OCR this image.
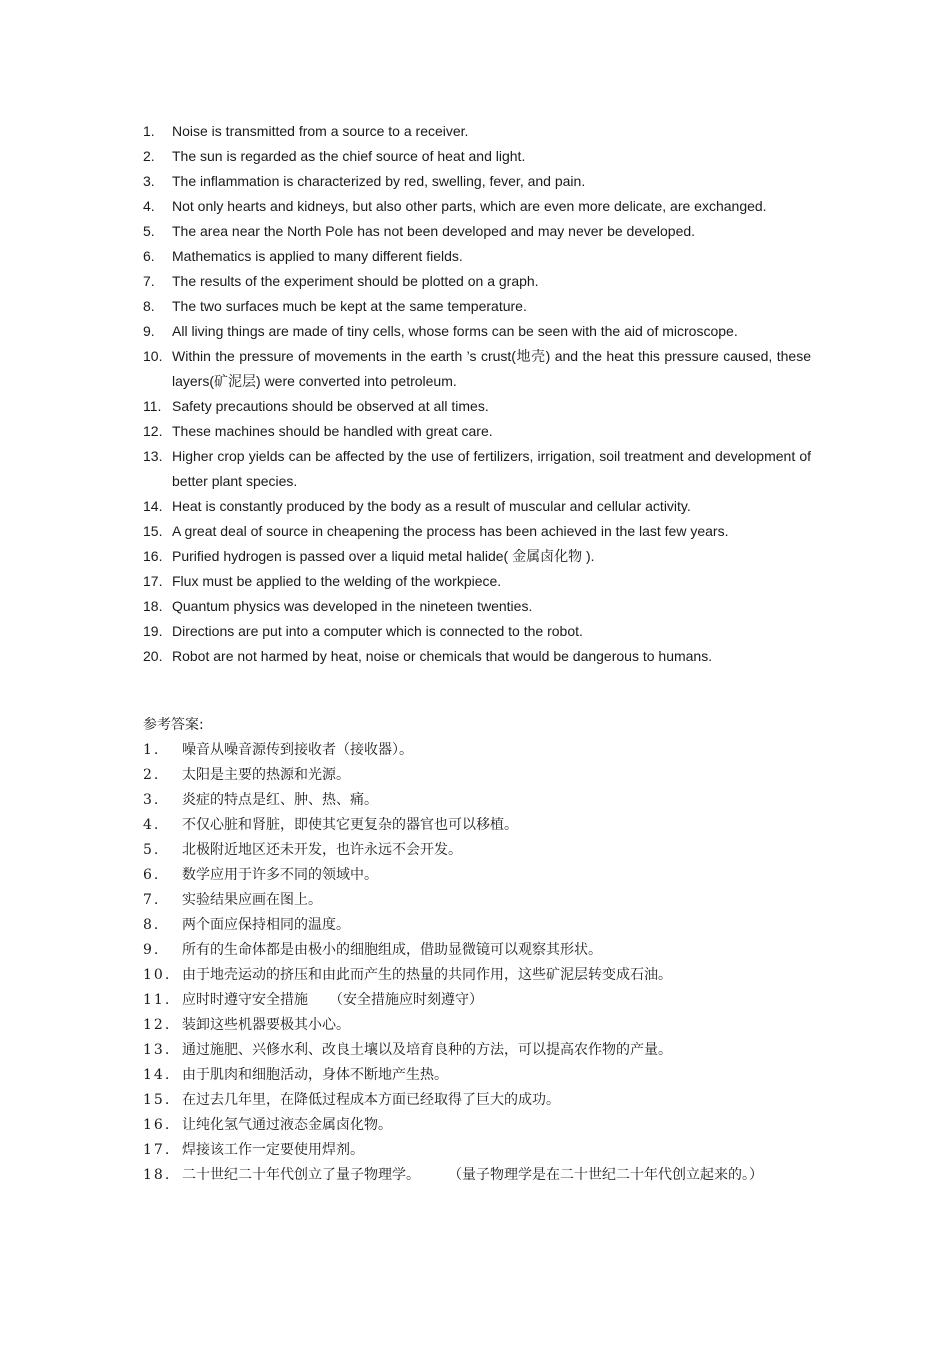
1.	Noise is transmitted from a source to a receiver.
2.	The sun is regarded as the chief source of heat and light.
3.	The inflammation is characterized by red, swelling, fever, and pain.
4.	Not only hearts and kidneys, but also other parts, which are even more delicate, are exchanged.
5.	The area near the North Pole has not been developed and may never be developed.
6.	Mathematics is applied to many different fields.
7.	The results of the experiment should be plotted on a graph.
8.	The two surfaces much be kept at the same temperature.
9.	All living things are made of tiny cells, whose forms can be seen with the aid of microscope.
10. Within the pressure of movements in the earth ’s crust(地壳) and the heat this pressure caused, these layers(矿泥层) were converted into petroleum.
11. Safety precautions should be observed at all times.
12. These machines should be handled with great care.
13. Higher crop yields can be affected by the use of fertilizers, irrigation, soil treatment and development of better plant species.
14. Heat is constantly produced by the body as a result of muscular and cellular activity.
15. A great deal of source in cheapening the process has been achieved in the last few years.
16. Purified hydrogen is passed over a liquid metal halide( 金属卤化物 ).
17. Flux must be applied to the welding of the workpiece.
18. Quantum physics was developed in the nineteen twenties.
19. Directions are put into a computer which is connected to the robot.
20. Robot are not harmed by heat, noise or chemicals that would be dangerous to humans.

参考答案:

1.	噪音从噪音源传到接收者（接收器）。
2.	太阳是主要的热源和光源。
3.	炎症的特点是红、肿、热、痛。
4.	不仅心脏和肾脏，即使其它更复杂的器官也可以移植。
5.	北极附近地区还未开发，也许永远不会开发。
6.	数学应用于许多不同的领域中。
7.	实验结果应画在图上。
8.	两个面应保持相同的温度。
9.	所有的生命体都是由极小的细胞组成，借助显微镜可以观察其形状。
10. 由于地壳运动的挤压和由此而产生的热量的共同作用，这些矿泥层转变成石油。
11. 应时时遵守安全措施　　（安全措施应时刻遵守）
12. 装卸这些机器要极其小心。
13. 通过施肥、兴修水利、改良土壤以及培育良种的方法，可以提高农作物的产量。
14. 由于肌肉和细胞活动，身体不断地产生热。
15. 在过去几年里，在降低过程成本方面已经取得了巨大的成功。
16. 让纯化氢气通过液态金属卤化物。
17. 焊接该工作一定要使用焊剂。
18. 二十世纪二十年代创立了量子物理学。　　　（量子物理学是在二十世纪二十年代创立起来的。）
